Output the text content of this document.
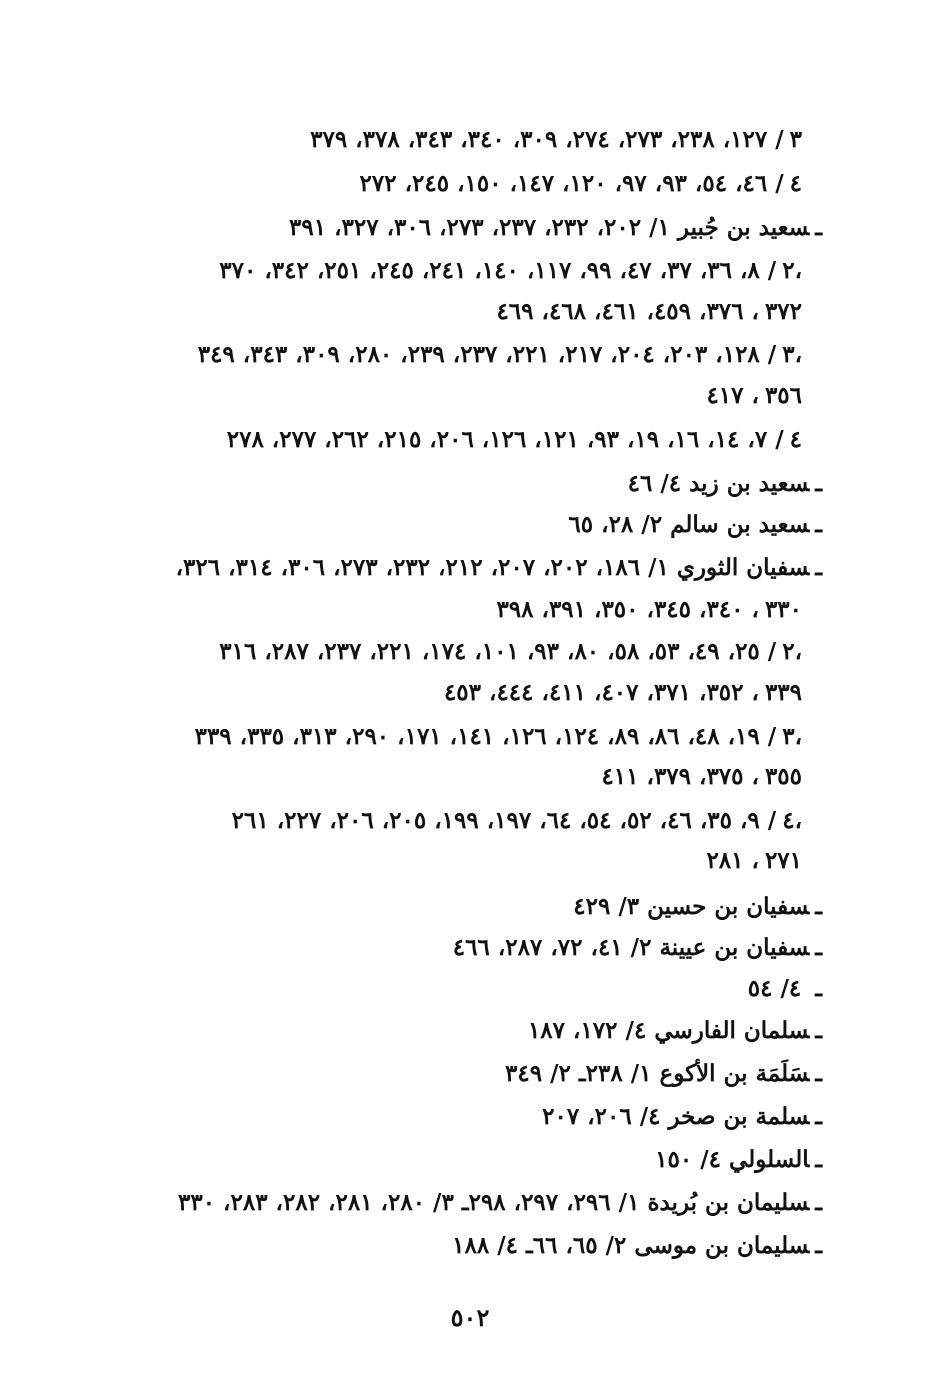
٣/ ١٢٧، ٢٣٨، ٢٧٣، ٢٧٤، ٣٠٩، ٣٤٠، ٣٤٣، ٣٧٨، ٣٧٩
٤/ ٤٦، ٥٤، ٩٣، ٩٧، ١٢٠، ١٤٧، ١٥٠، ٢٤٥، ٢٧٢
ـسعيد بن جُبير ١/ ٢٠٢، ٢٣٢، ٢٣٧، ٢٧٣، ٣٠٦، ٣٢٧، ٣٩١
٢/ ٨، ٣٦، ٣٧، ٤٧، ٩٩، ١١٧، ١٤٠، ٢٤١، ٢٤٥، ٢٥١، ٣٤٢، ٣٧٠،
٣٧٢، ٣٧٦، ٤٥٩، ٤٦١، ٤٦٨، ٤٦٩
٣/ ١٢٨، ٢٠٣، ٢٠٤، ٢١٧، ٢٢١، ٢٣٧، ٢٣٩، ٢٨٠، ٣٠٩، ٣٤٣، ٣٤٩،
٣٥٦، ٤١٧
٤/ ٧، ١٤، ١٦، ١٩، ٩٣، ١٢١، ١٢٦، ٢٠٦، ٢١٥، ٢٦٢، ٢٧٧، ٢٧٨
ـسعيد بن زيد ٤/ ٤٦
ـسعيد بن سالم ٢/ ٢٨، ٦٥
ـسفيان الثوري ١/ ١٨٦، ٢٠٢، ٢٠٧، ٢١٢، ٢٣٢، ٢٧٣، ٣٠٦، ٣١٤، ٣٢٦،
٣٣٠، ٣٤٠، ٣٤٥، ٣٥٠، ٣٩١، ٣٩٨
٢/ ٢٥، ٤٩، ٥٣، ٥٨، ٨٠، ٩٣، ١٠١، ١٧٤، ٢٢١، ٢٣٧، ٢٨٧، ٣١٦،
٣٣٩، ٣٥٢، ٣٧١، ٤٠٧، ٤١١، ٤٤٤، ٤٥٣
٣/ ١٩، ٤٨، ٨٦، ٨٩، ١٢٤، ١٢٦، ١٤١، ١٧١، ٢٩٠، ٣١٣، ٣٣٥، ٣٣٩،
٣٥٥، ٣٧٥، ٣٧٩، ٤١١
٤/ ٩، ٣٥، ٤٦، ٥٢، ٥٤، ٦٤، ١٩٧، ١٩٩، ٢٠٥، ٢٠٦، ٢٢٧، ٢٦١،
٢٧١، ٢٨١
ـسفيان بن حسين ٣/ ٤٢٩
ـسفيان بن عيينة ٢/ ٤١، ٧٢، ٢٨٧، ٤٦٦
ـ ٤/ ٥٤
ـسلمان الفارسي ٤/ ١٧٢، ١٨٧
ـسَلَمَة بن الأكوع ١/ ٢٣٨ـ ٢/ ٣٤٩
ـسلمة بن صخر ٤/ ٢٠٦، ٢٠٧
ـالسلولي ٤/ ١٥٠
ـسليمان بن بُريدة ١/ ٢٩٦، ٢٩٧، ٢٩٨ـ ٣/ ٢٨٠، ٢٨١، ٢٨٢، ٢٨٣، ٣٣٠
ـسليمان بن موسى ٢/ ٦٥، ٦٦ـ ٤/ ١٨٨
٥٠٢
